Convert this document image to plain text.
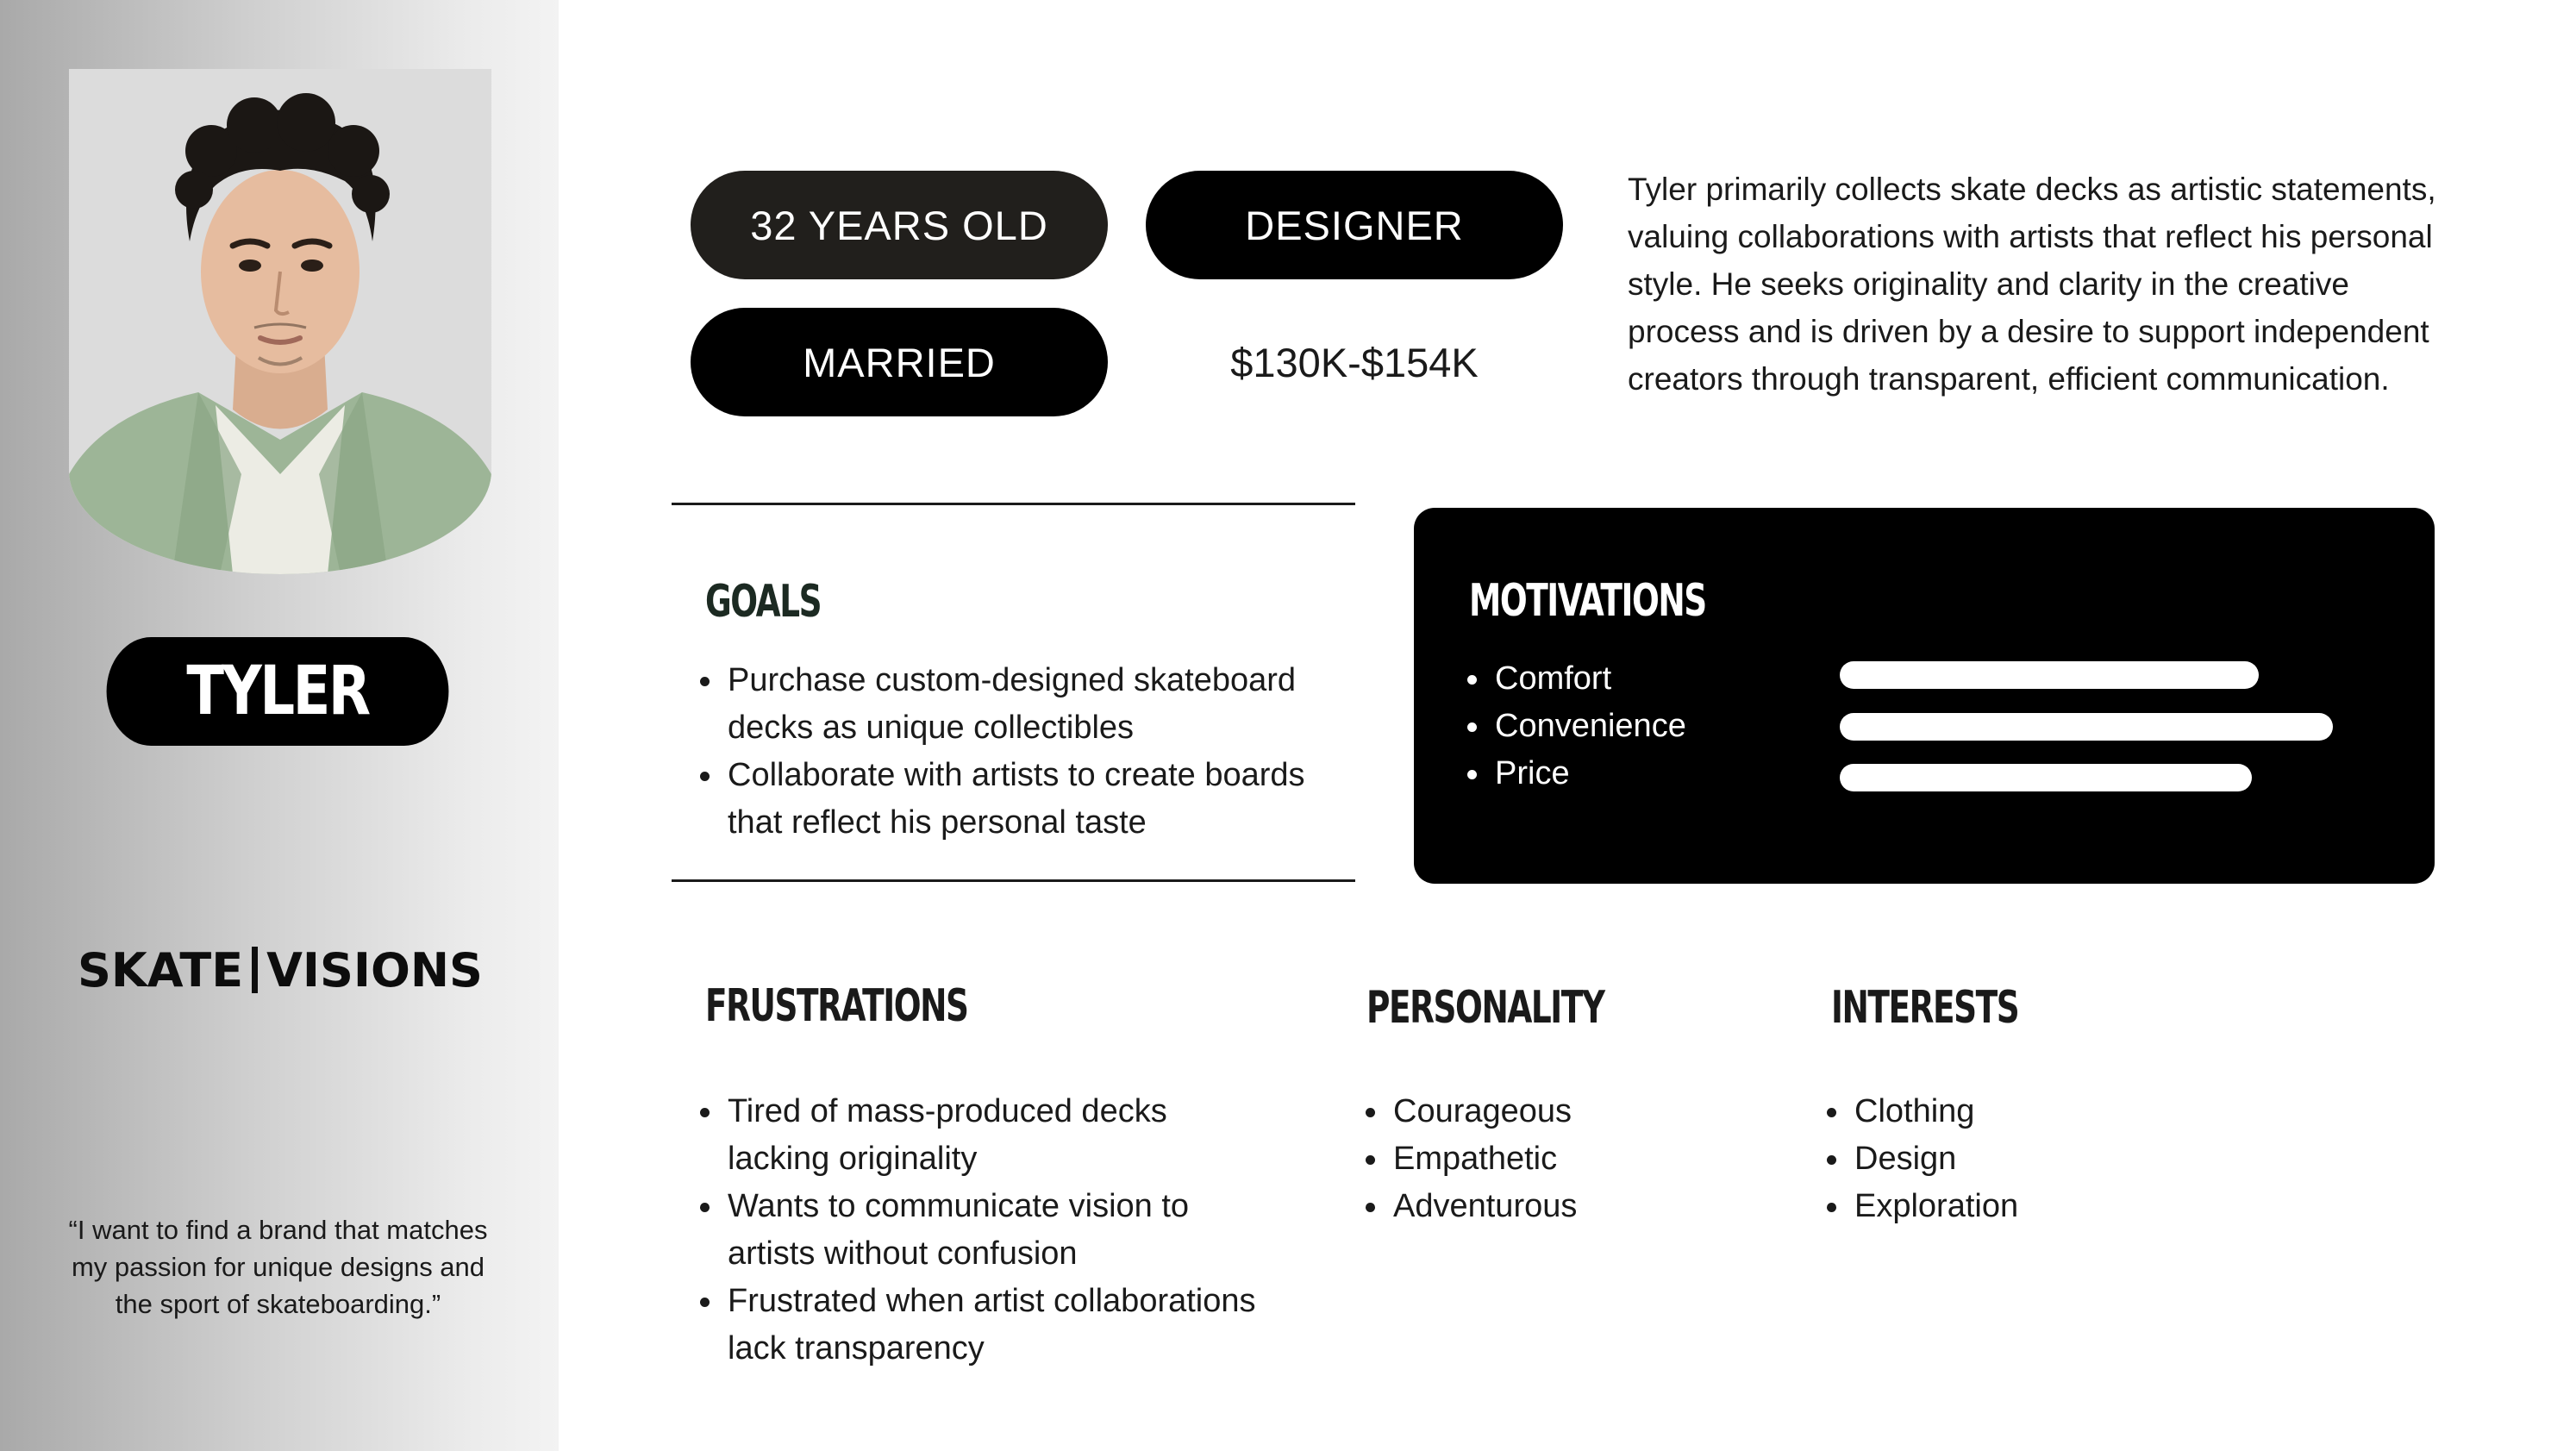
TYLER
SKATE VISIONS
“I want to find a brand that matches my passion for unique designs and the sport of skateboarding.”
32 YEARS OLD	DESIGNER
MARRIED	$130K-$154K
Tyler primarily collects skate decks as artistic statements, valuing collaborations with artists that reflect his personal style. He seeks originality and clarity in the creative process and is driven by a desire to support independent creators through transparent, efficient communication.
GOALS
Purchase custom-designed skateboard decks as unique collectibles
Collaborate with artists to create boards that reflect his personal taste
MOTIVATIONS
Comfort
Convenience
Price
FRUSTRATIONS
Tired of mass-produced decks lacking originality
Wants to communicate vision to artists without confusion
Frustrated when artist collaborations lack transparency
PERSONALITY
Courageous
Empathetic
Adventurous
INTERESTS
Clothing
Design
Exploration
